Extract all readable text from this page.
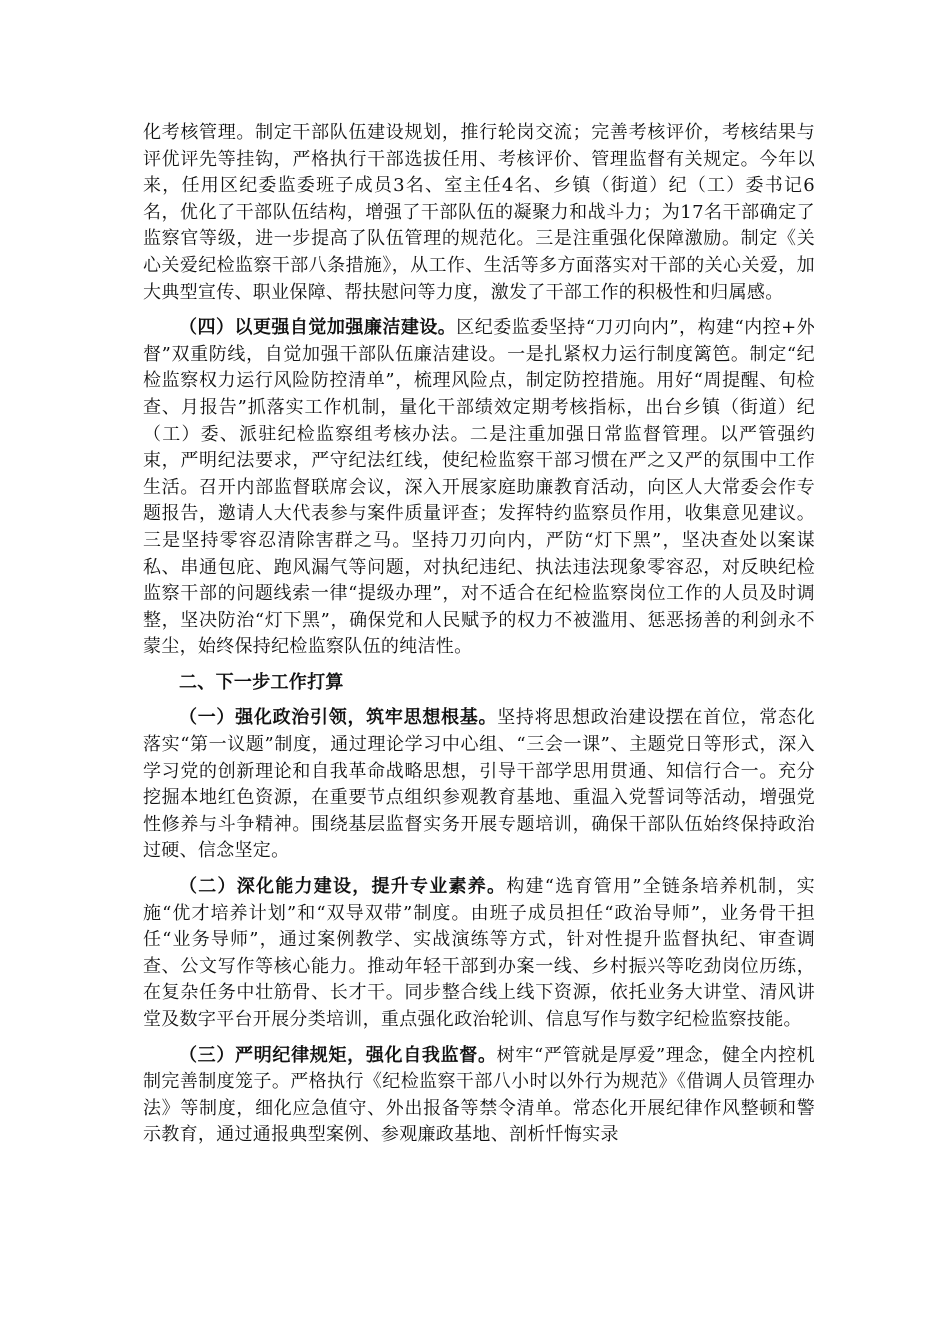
化考核管理。制定干部队伍建设规划，推行轮岗交流；完善考核评价，考核结果与评优评先等挂钩，严格执行干部选拔任用、考核评价、管理监督有关规定。今年以来，任用区纪委监委班子成员3名、室主任4名、乡镇（街道）纪（工）委书记6名，优化了干部队伍结构，增强了干部队伍的凝聚力和战斗力；为17名干部确定了监察官等级，进一步提高了队伍管理的规范化。三是注重强化保障激励。制定《关心关爱纪检监察干部八条措施》，从工作、生活等多方面落实对干部的关心关爱，加大典型宣传、职业保障、帮扶慰问等力度，激发了干部工作的积极性和归属感。

（四）以更强自觉加强廉洁建设。区纪委监委坚持“刀刃向内”，构建“内控+外督”双重防线，自觉加强干部队伍廉洁建设。一是扎紧权力运行制度篱笆。制定“纪检监察权力运行风险防控清单”，梳理风险点，制定防控措施。用好“周提醒、旬检查、月报告”抓落实工作机制，量化干部绩效定期考核指标，出台乡镇（街道）纪（工）委、派驻纪检监察组考核办法。二是注重加强日常监督管理。以严管强约束，严明纪法要求，严守纪法红线，使纪检监察干部习惯在严之又严的氛围中工作生活。召开内部监督联席会议，深入开展家庭助廉教育活动，向区人大常委会作专题报告，邀请人大代表参与案件质量评查；发挥特约监察员作用，收集意见建议。三是坚持零容忍清除害群之马。坚持刀刃向内，严防“灯下黑”，坚决查处以案谋私、串通包庇、跑风漏气等问题，对执纪违纪、执法违法现象零容忍，对反映纪检监察干部的问题线索一律“提级办理”，对不适合在纪检监察岗位工作的人员及时调整，坚决防治“灯下黑”，确保党和人民赋予的权力不被滥用、惩恶扬善的利剑永不蒙尘，始终保持纪检监察队伍的纯洁性。

二、下一步工作打算

（一）强化政治引领，筑牢思想根基。坚持将思想政治建设摆在首位，常态化落实“第一议题”制度，通过理论学习中心组、“三会一课”、主题党日等形式，深入学习党的创新理论和自我革命战略思想，引导干部学思用贯通、知信行合一。充分挖掘本地红色资源，在重要节点组织参观教育基地、重温入党誓词等活动，增强党性修养与斗争精神。围绕基层监督实务开展专题培训，确保干部队伍始终保持政治过硬、信念坚定。

（二）深化能力建设，提升专业素养。构建“选育管用”全链条培养机制，实施“优才培养计划”和“双导双带”制度。由班子成员担任“政治导师”，业务骨干担任“业务导师”，通过案例教学、实战演练等方式，针对性提升监督执纪、审查调查、公文写作等核心能力。推动年轻干部到办案一线、乡村振兴等吃劲岗位历练，在复杂任务中壮筋骨、长才干。同步整合线上线下资源，依托业务大讲堂、清风讲堂及数字平台开展分类培训，重点强化政治轮训、信息写作与数字纪检监察技能。

（三）严明纪律规矩，强化自我监督。树牢“严管就是厚爱”理念，健全内控机制完善制度笼子。严格执行《纪检监察干部八小时以外行为规范》《借调人员管理办法》等制度，细化应急值守、外出报备等禁令清单。常态化开展纪律作风整顿和警示教育，通过通报典型案例、参观廉政基地、剖析忏悔实录
